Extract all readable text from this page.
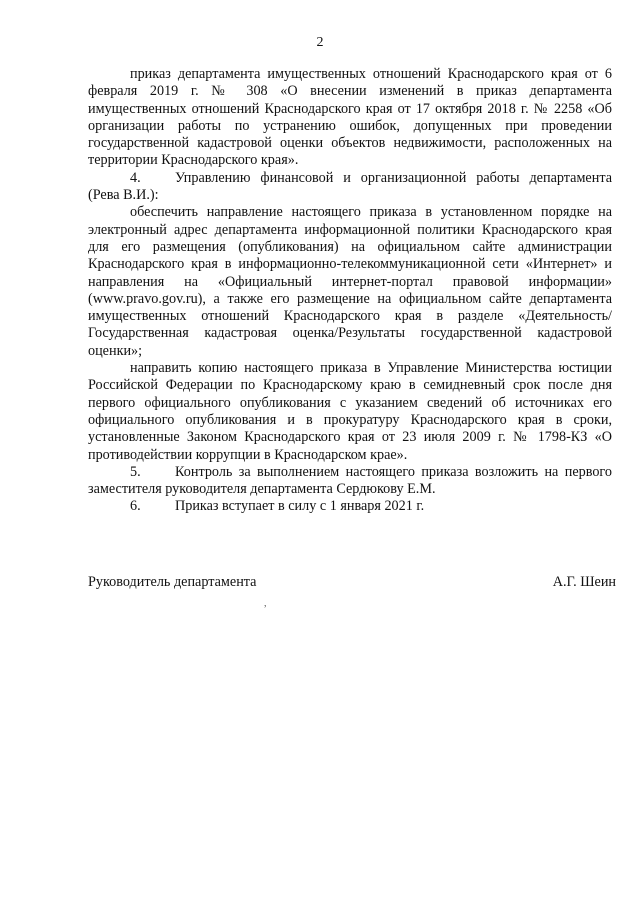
2

приказ департамента имущественных отношений Краснодарского края от 6 февраля 2019 г. № 308 «О внесении изменений в приказ департамента имущественных отношений Краснодарского края от 17 октября 2018 г. № 2258 «Об организации работы по устранению ошибок, допущенных при проведении государственной кадастровой оценки объектов недвижимости, расположенных на территории Краснодарского края».

4. Управлению финансовой и организационной работы департамента (Рева В.И.):

обеспечить направление настоящего приказа в установленном порядке на электронный адрес департамента информационной политики Краснодарского края для его размещения (опубликования) на официальном сайте администрации Краснодарского края в информационно-телекоммуникационной сети «Интернет» и направления на «Официальный интернет-портал правовой информации» (www.pravo.gov.ru), а также его размещение на официальном сайте департамента имущественных отношений Краснодарского края в разделе «Деятельность/Государственная кадастровая оценка/Результаты государственной кадастровой оценки»;

направить копию настоящего приказа в Управление Министерства юстиции Российской Федерации по Краснодарскому краю в семидневный срок после дня первого официального опубликования с указанием сведений об источниках его официального опубликования и в прокуратуру Краснодарского края в сроки, установленные Законом Краснодарского края от 23 июля 2009 г. № 1798-КЗ «О противодействии коррупции в Краснодарском крае».

5. Контроль за выполнением настоящего приказа возложить на первого заместителя руководителя департамента Сердюкову Е.М.

6. Приказ вступает в силу с 1 января 2021 г.

Руководитель департамента	А.Г. Шеин
,
